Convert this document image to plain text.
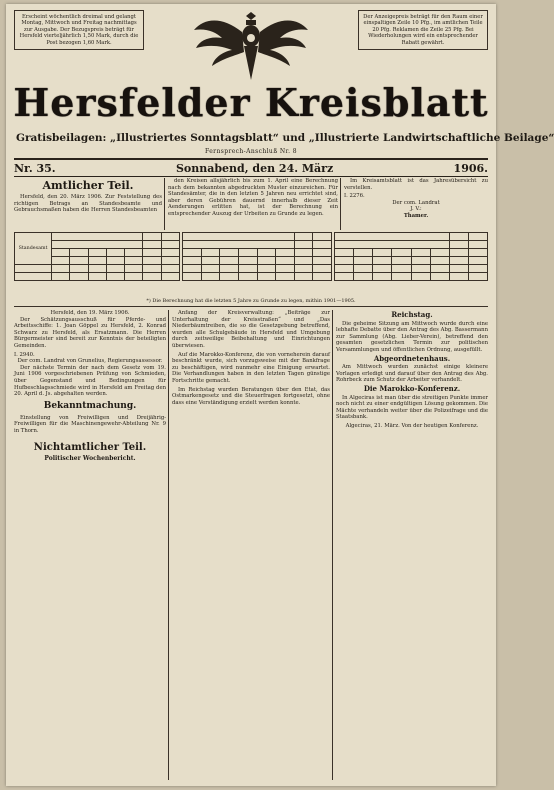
Erscheint wöchentlich dreimal und gelangt Montag, Mittwoch und Freitag nachmittags zur Ausgabe. Der Bezugspreis beträgt für Hersfeld vierteljährlich 1,50 Mark, durch die Post bezogen 1,60 Mark.
Der Anzeigepreis beträgt für den Raum einer einspaltigen Zeile 10 Pfg., im amtlichen Teile 20 Pfg. Reklamen die Zeile 25 Pfg. Bei Wiederholungen wird ein entsprechender Rabatt gewährt.
Hersfelder Kreisblatt
Gratisbeilagen: „Illustriertes Sonntagsblatt“ und „Illustrierte Landwirtschaftliche Beilage“
Fernsprech-Anschluß Nr. 8
Nr. 35.	Sonnabend, den 24. März	1906.
Amtlicher Teil.

Hersfeld, den 20. März 1906. Zur Feststellung des richtigen Betrags an Standesbeamte und Gebrauchsmaßen haben die Herren Standesbeamten

den Kreisen allsjährlich bis zum 1. April eine Berechnung nach dem bekannten abgedruckten Muster einzureichen. Für Standesämter, die in den letzten 5 Jahren neu errichtet sind, aber deren Gebühren dauernd innerhalb dieser Zeit Aenderungen erlitten hat, ist der Berechnung ein entsprechender Auszug der Urbeiten zu Grunde zu legen.

Im Kreisamtsblatt ist das Jahresübersicht zu verstellen.

I. 2276.
Der com. Landrat
J. V.:
Thamer.
Standesamt							

*) Die Berechnung hat die letzten 5 Jahre zu Grunde zu legen, mithin 1901—1905.
Hersfeld, den 19. März 1906.

Der Schätzungsausschuß für Pferde- und Arbeitsschiffe: 1. Joan Göppel zu Hersfeld, 2. Konrad Schwarz zu Hersfeld, als Ersatzmann. Die Herren Bürgermeister sind bereit zur Kenntnis der beteiligten Gemeinden.

I. 2940.
Der com. Landrat von Grunelius, Regierungsassessor.

Der nächste Termin der nach dem Gesetz vom 19. Juni 1906 vorgeschriebenen Prüfung von Schmieden, über Gegenstand und Bedingungen für Hufbeschlagsschmiede wird in Hersfeld am Freitag den 20. April d. Js. abgehalten werden.

Bekanntmachung.

Einstellung von Freiwilligen und Dreijährig-Freiwilligen für die Maschinengewehr-Abteilung Nr. 9 in Thorn.

Nichtamtlicher Teil.
Politischer Wochenbericht.

Anfang der Kreisverwaltung: „Beiträge zur Unterhaltung der Kreisstraßen“ und „Das Niederbäumtreiben, die so die Gesetzgebung betreffend, wurden alle Schulgebäude in Hersfeld und Umgebung durch zeitweilige Beibehaltung und Einrichtungen überwiesen.

Auf die Marokko-Konferenz, die von vorneherein darauf beschränkt wurde, sich vorzugsweise mit der Bankfrage zu beschäftigen, wird nunmehr eine Einigung erwartet. Die Verhandlungen haben in den letzten Tagen günstige Fortschritte gemacht.

Im Reichstag wurden Beratungen über den Etat, das Ostmarkengesetz und die Steuerfragen fortgesetzt, ohne dass eine Verständigung erzielt werden konnte.

Reichstag.

Die geheime Sitzung am Mittwoch wurde durch eine lebhafte Debatte über den Antrag des Abg. Bassermann zur Sammlung (Abg. Lieber-Verein), betreffend den gesamten gesetzlichen Termin zur politischen Versammlungen und öffentlichen Ordnung, ausgefüllt.

Abgeordnetenhaus.

Am Mittwoch wurden zunächst einige kleinere Vorlagen erledigt und darauf über den Antrag des Abg. Rohrbeck zum Schutz der Arbeiter verhandelt.

Die Marokko-Konferenz.

In Algeciras ist man über die streitigen Punkte immer noch nicht zu einer endgültigen Lösung gekommen. Die Mächte verhandeln weiter über die Polizeifrage und die Staatsbank.

Algeciras, 21. März. Von der heutigen Konferenz.
